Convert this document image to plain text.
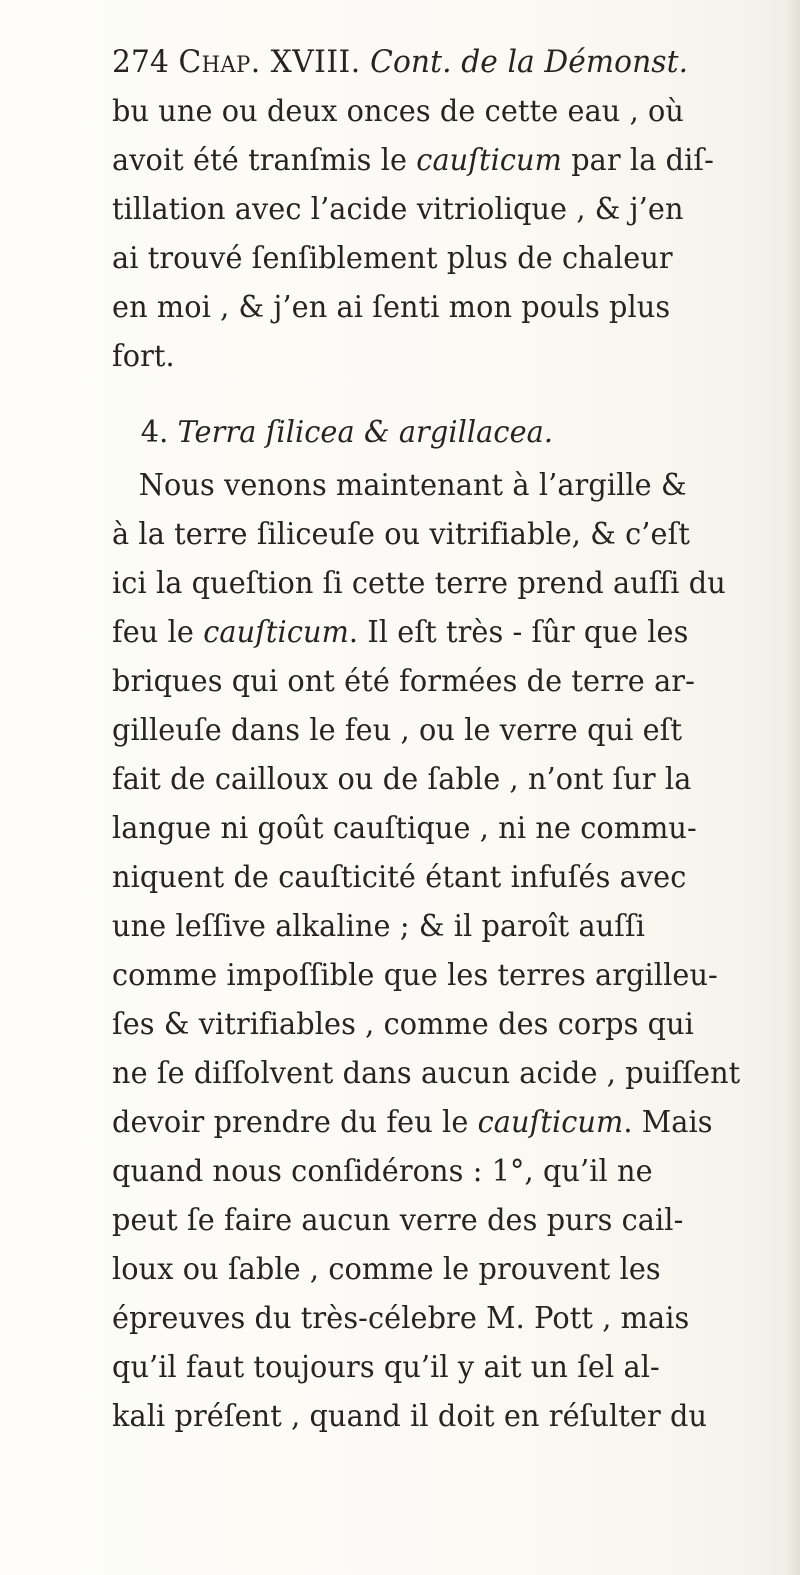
274 Chap. XVIII. Cont. de la Démonst.
bu une ou deux onces de cette eau , où
avoit été tranſmis le cauſticum par la diſ-
tillation avec l’acide vitriolique , & j’en
ai trouvé ſenſiblement plus de chaleur
en moi , & j’en ai ſenti mon pouls plus
fort.
4. Terra ſilicea & argillacea.
Nous venons maintenant à l’argille &
à la terre ſiliceuſe ou vitrifiable, & c’eſt
ici la queſtion ſi cette terre prend auſſi du
feu le cauſticum. Il eſt très - ſûr que les
briques qui ont été formées de terre ar-
gilleuſe dans le feu , ou le verre qui eſt
fait de cailloux ou de ſable , n’ont ſur la
langue ni goût cauſtique , ni ne commu-
niquent de cauſticité étant infuſés avec
une leſſive alkaline ; & il paroît auſſi
comme impoſſible que les terres argilleu-
ſes & vitrifiables , comme des corps qui
ne ſe diſſolvent dans aucun acide , puiſſent
devoir prendre du feu le cauſticum. Mais
quand nous conſidérons : 1°, qu’il ne
peut ſe faire aucun verre des purs cail-
loux ou ſable , comme le prouvent les
épreuves du très-célebre M. Pott , mais
qu’il faut toujours qu’il y ait un ſel al-
kali préſent , quand il doit en réſulter du
